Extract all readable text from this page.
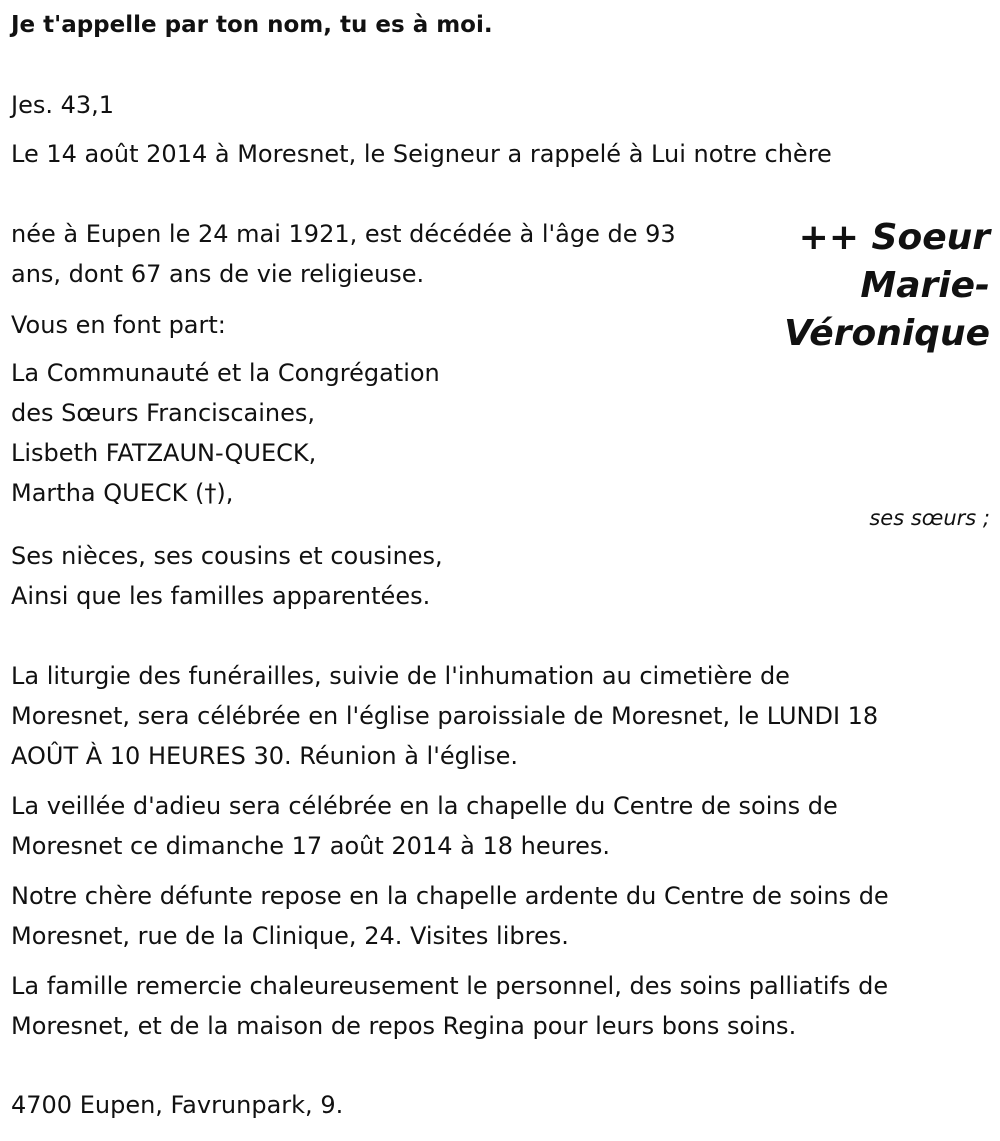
Je t'appelle par ton nom, tu es à moi.

Jes. 43,1

Le 14 août 2014 à Moresnet, le Seigneur a rappelé à Lui notre chère

née à Eupen le 24 mai 1921, est décédée à l'âge de 93

ans, dont 67 ans de vie religieuse.

++ Soeur
Marie-
Véronique

Vous en font part:

La Communauté et la Congrégation

des Sœurs Franciscaines,

Lisbeth FATZAUN-QUECK,

Martha QUECK (†),

ses sœurs ;

Ses nièces, ses cousins et cousines,

Ainsi que les familles apparentées.

La liturgie des funérailles, suivie de l'inhumation au cimetière de

Moresnet, sera célébrée en l'église paroissiale de Moresnet, le LUNDI 18

AOÛT À 10 HEURES 30. Réunion à l'église.

La veillée d'adieu sera célébrée en la chapelle du Centre de soins de

Moresnet ce dimanche 17 août 2014 à 18 heures.

Notre chère défunte repose en la chapelle ardente du Centre de soins de

Moresnet, rue de la Clinique, 24. Visites libres.

La famille remercie chaleureusement le personnel, des soins palliatifs de

Moresnet, et de la maison de repos Regina pour leurs bons soins.

4700 Eupen, Favrunpark, 9.
